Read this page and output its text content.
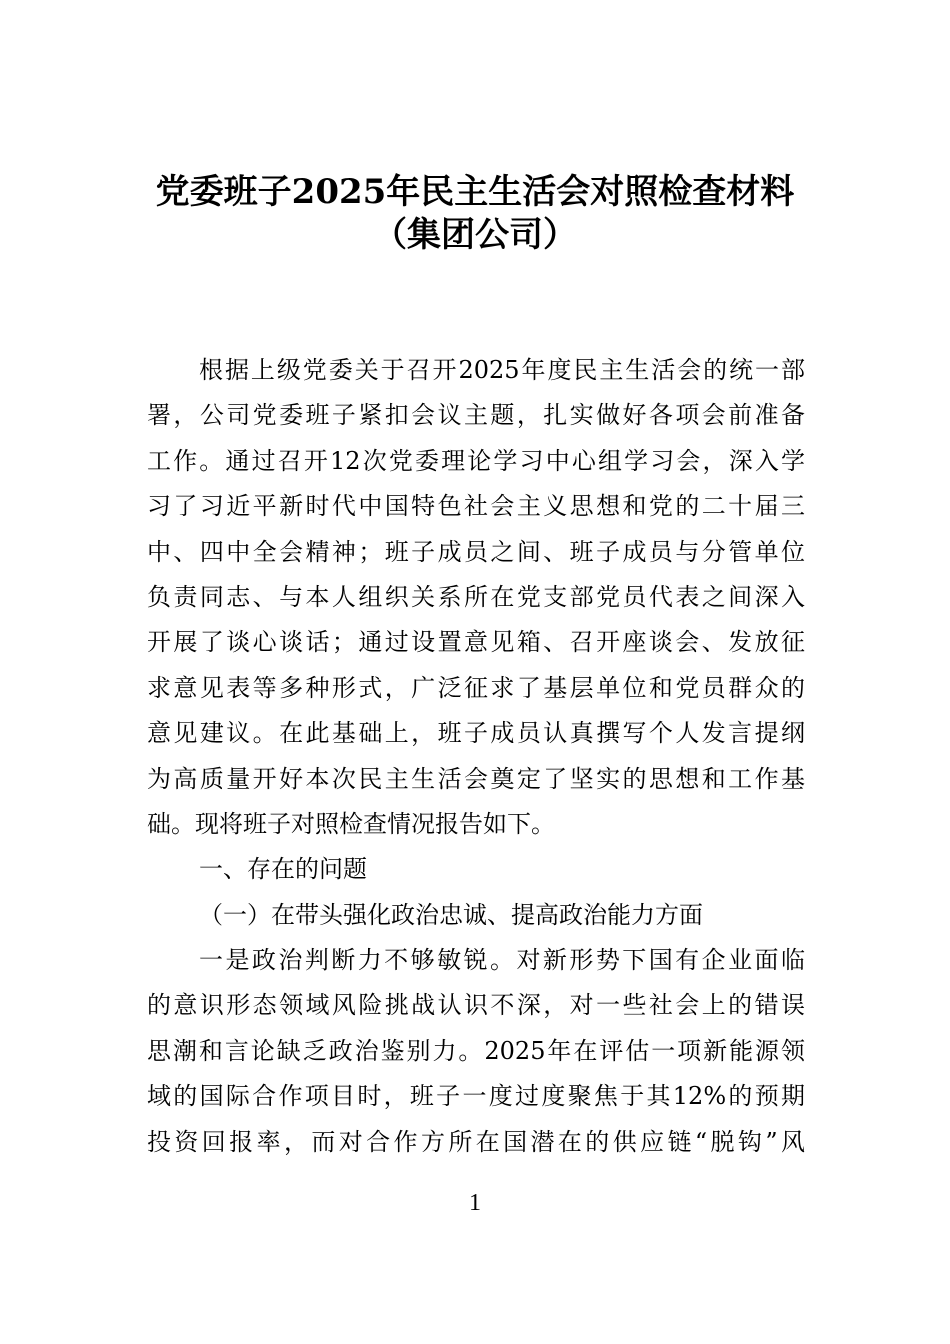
党委班子2025年民主生活会对照检查材料
（集团公司）
根据上级党委关于召开2025年度民主生活会的统一部
署，公司党委班子紧扣会议主题，扎实做好各项会前准备
工作。通过召开12次党委理论学习中心组学习会，深入学
习了习近平新时代中国特色社会主义思想和党的二十届三
中、四中全会精神；班子成员之间、班子成员与分管单位
负责同志、与本人组织关系所在党支部党员代表之间深入
开展了谈心谈话；通过设置意见箱、召开座谈会、发放征
求意见表等多种形式，广泛征求了基层单位和党员群众的
意见建议。在此基础上，班子成员认真撰写个人发言提纲
为高质量开好本次民主生活会奠定了坚实的思想和工作基
础。现将班子对照检查情况报告如下。
一、存在的问题
（一）在带头强化政治忠诚、提高政治能力方面
一是政治判断力不够敏锐。对新形势下国有企业面临
的意识形态领域风险挑战认识不深，对一些社会上的错误
思潮和言论缺乏政治鉴别力。2025年在评估一项新能源领
域的国际合作项目时，班子一度过度聚焦于其12%的预期
投资回报率，而对合作方所在国潜在的供应链“脱钩”风
1
